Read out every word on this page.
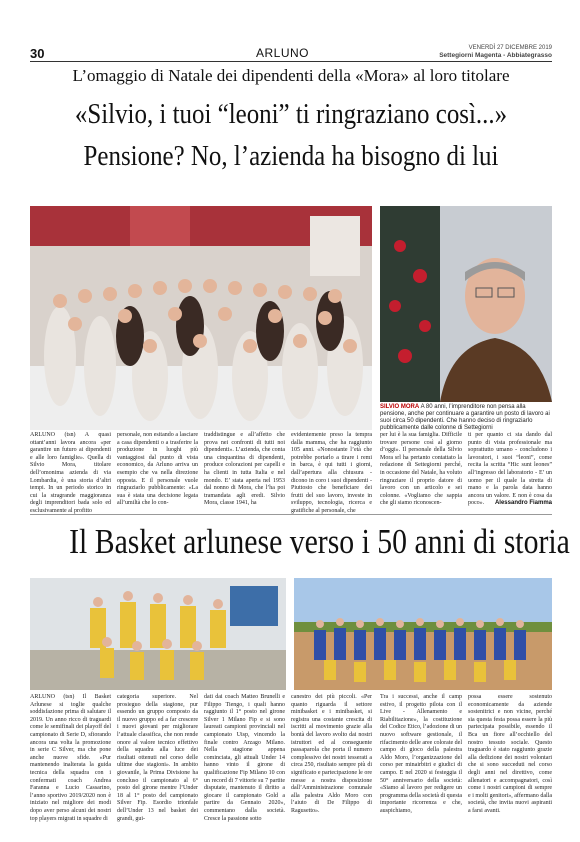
30	ARLUNO	VENERDÌ 27 DICEMBRE 2019
Settegiorni Magenta - Abbiategrasso
L’omaggio di Natale dei dipendenti della «Mora» al loro titolare
«Silvio, i tuoi “leoni” ti ringraziano così...»
Pensione? No, l’azienda ha bisogno di lui
SILVIO MORA A 80 anni, l’imprenditore non pensa alla pensione, anche per continuare a garantire un posto di lavoro ai suoi circa 50 dipendenti. Che hanno deciso di ringraziarlo pubblicamente dalle colonne di Settegiorni
ARLUNO (tsn) A quasi ottant’anni lavora ancora «per garantire un futuro ai dipendenti e alle loro famiglie». Quella di Silvio Mora, titolare dell’omonima azienda di via Lombardia, è una storia d’altri tempi. In un periodo storico in cui la stragrande maggioranza degli imprenditori bada solo ed esclusivamente al profitto
personale, non esitando a lasciare a casa dipendenti o a trasferire la produzione in luoghi più vantaggiosi dal punto di vista economico, da Arluno arriva un esempio che va nella direzione opposta. E il personale vuole ringraziarlo pubblicamente: «La sua è stata una decisione legata all’umiltà che lo con-
traddistingue e all’affetto che prova nei confronti di tutti noi dipendenti». L’azienda, che conta una cinquantina di dipendenti, produce colorazioni per capelli e ha clienti in tutta Italia e nel mondo. E’ stata aperta nel 1953 dal nonno di Mora, che l’ha poi tramandata agli eredi. Silvio Mora, classe 1941, ha
evidentemente preso la tempra dalla mamma, che ha raggiunto 105 anni. «Nonostante l’età che potrebbe portarlo a tirare i remi in barca, è qui tutti i giorni, dall’apertura alla chiusura - dicono in coro i suoi dipendenti - Piuttosto che beneficiare dei frutti del suo lavoro, investe in sviluppo, tecnologia, ricerca e gratifiche al personale, che
per lui è la sua famiglia. Difficile trovare persone così al giorno d’oggi». Il personale della Silvio Mora srl ha pertanto contattato la redazione di Settegiorni perché, in occasione del Natale, ha voluto ringraziare il proprio datore di lavoro con un articolo e sei colonne. «Vogliamo che sappia che gli siamo riconoscen-
ti per quanto ci sta dando dal punto di vista professionale ma soprattutto umano - concludono i lavoratori, i suoi “leoni”, come recita la scritta “Hic sunt leones” all’ingresso del laboratorio - E’ un uomo per il quale la stretta di mano e la parola data hanno ancora un valore. E non è cosa da poco».	Alessandro Fiamma
Il Basket arlunese verso i 50 anni di storia
ARLUNO (tsn) Il Basket Arlunese si toglie qualche soddisfazione prima di salutare il 2019. Un anno ricco di traguardi come le semifinali dei playoff del campionato di Serie D, sfiorando ancora una volta la promozione in serie C Silver, ma che pone anche nuove sfide. «Pur mantenendo inalterata la guida tecnica della squadra con i confermati coach Andrea Faranna e Lucio Cassarino, l’anno sportivo 2019/2020 non è iniziato nel migliore dei modi dopo aver perso alcuni dei nostri top players migrati in squadre di
categoria superiore. Nel prosieguo della stagione, pur essendo un gruppo composto da il nuovo gruppo ed a far crescere i nuovi giovani per migliorare l’attuale classifica, che non rende onore al valore tecnico effettivo della squadra alla luce dei risultati ottenuti nel corso delle ultime due stagioni». In ambito giovanile, la Prima Divisione ha concluso il campionato al 6° posto del girone mentre l’Under 18 al 1° posto del campionato Silver Fip. Esordio trionfale dell’Under 13 nel basket dei grandi, gui-
dati dai coach Matteo Brunelli e Filippo Tiengo, i quali hanno raggiunto il 1° posto nel girone Silver 1 Milano Fip e si sono laureati campioni provinciali nel campionato Uisp, vincendo la finale contro Arzago Milano. Nella stagione appena cominciata, gli attuali Under 14 hanno vinto il girone di qualificazione Fip Milano 10 con un record di 7 vittorie su 7 partite disputate, mantenuto il diritto a giocare il campionato Gold a partire da Gennaio 2020», commentano dalla società. Cresce la passione sotto
canestro dei più piccoli. «Per quanto riguarda il settore minibasket e i minibasket, si registra una costante crescita di iscritti al movimento grazie alla bontà del lavoro svolto dai nostri istruttori ed al conseguente passaparola che porta il numero complessivo dei nostri tesserati a circa 250, risultato sempre più di significato e partecipazione le ore messe a nostra disposizione dall’Amministrazione comunale alla palestra Aldo Moro con l’aiuto di De Filippo di Ragusetto».
Tra i successi, anche il camp estivo, il progetto pilota con il Live - Allenamento e Riabilitazione», la costituzione del Codice Etico, l’adozione di un nuovo software gestionale, il rifacimento delle aree colorate del campo di gioco della palestra Aldo Moro, l’organizzazione del corso per minairbitri e giudici di campo. E nel 2020 si festeggia il 50° anniversario della società: «Siamo al lavoro per redigere un programma della società di questa importante ricorrenza e che, auspichiamo,
possa essere sostenuto economicamente da aziende sostenitrici e non vicine, perché sia questa festa possa essere la più partecipata possibile, essendo il Bca un fiore all’occhiello del nostro tessuto sociale. Questo traguardo è stato raggiunto grazie alla dedizione dei nostri volontari che si sono succeduti nel corso degli anni nel direttivo, come allenatori e accompagnatori, così come i nostri campioni di sempre e i molti genitori», affermano dalla società, che invita nuovi aspiranti a farsi avanti.
